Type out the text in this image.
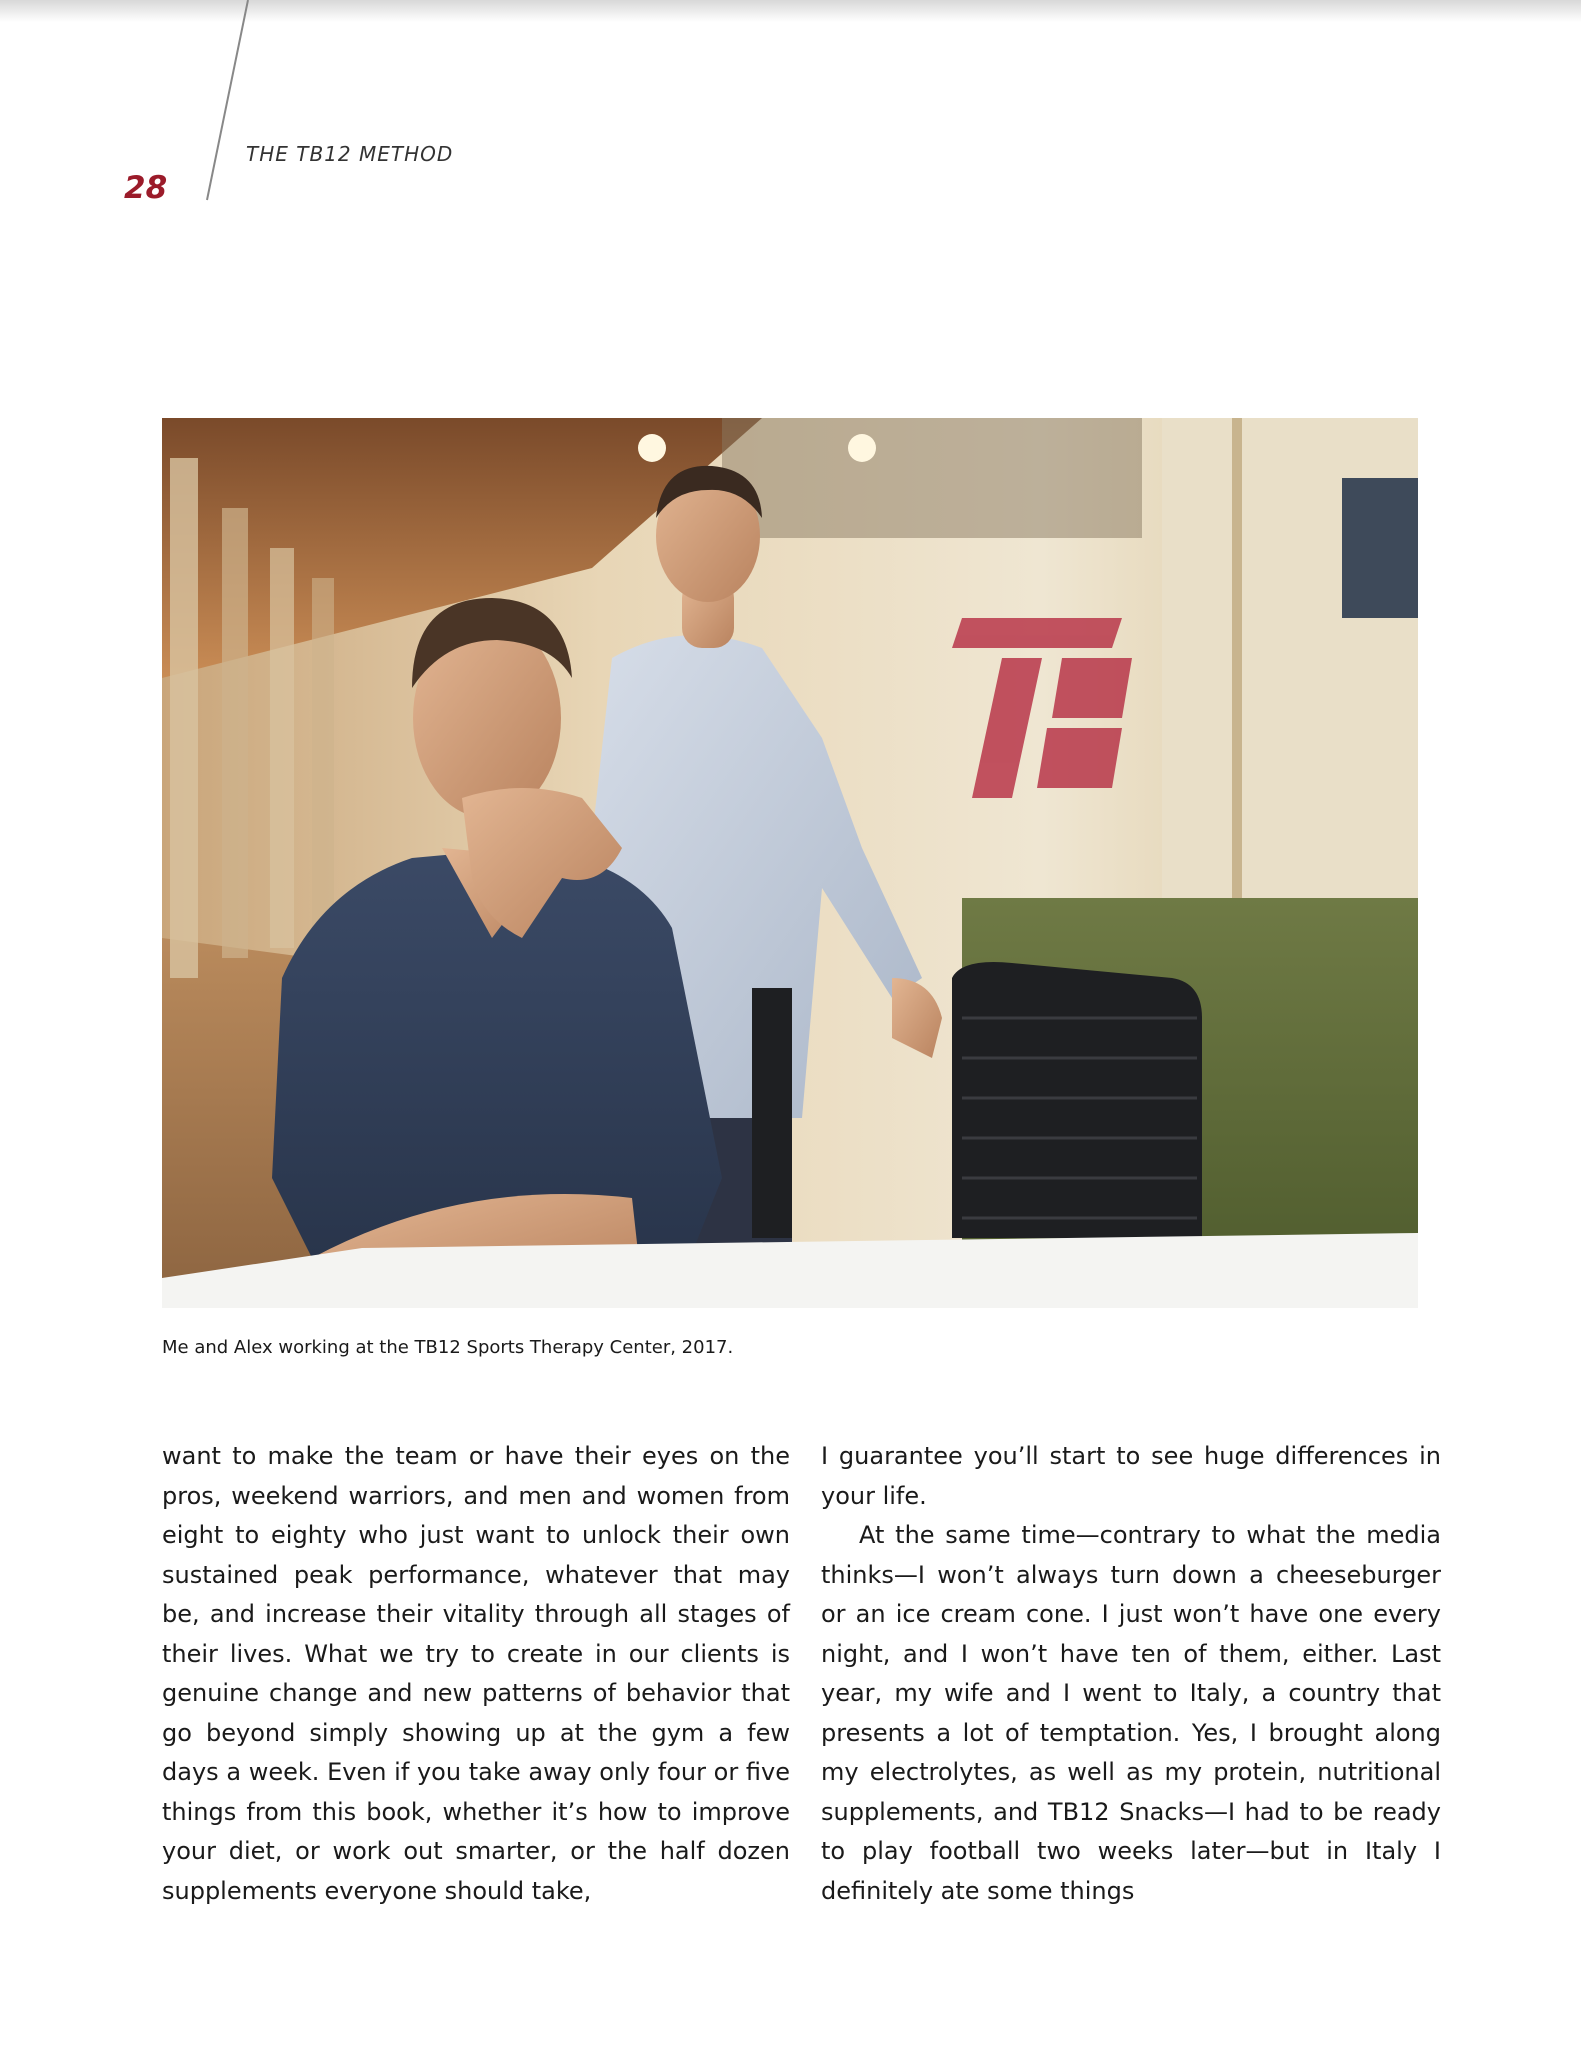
THE TB12 METHOD
28
Me and Alex working at the TB12 Sports Therapy Center, 2017.

want to make the team or have their eyes on the pros, weekend warriors, and men and women from eight to eighty who just want to unlock their own sustained peak performance, whatever that may be, and increase their vitality through all stages of their lives. What we try to create in our clients is genuine change and new patterns of behavior that go beyond simply showing up at the gym a few days a week. Even if you take away only four or five things from this book, whether it’s how to improve your diet, or work out smarter, or the half dozen supplements everyone should take,

I guarantee you’ll start to see huge differences in your life.

At the same time—contrary to what the media thinks—I won’t always turn down a cheeseburger or an ice cream cone. I just won’t have one every night, and I won’t have ten of them, either. Last year, my wife and I went to Italy, a country that presents a lot of temptation. Yes, I brought along my electrolytes, as well as my protein, nutritional supplements, and TB12 Snacks—I had to be ready to play football two weeks later—but in Italy I definitely ate some things
